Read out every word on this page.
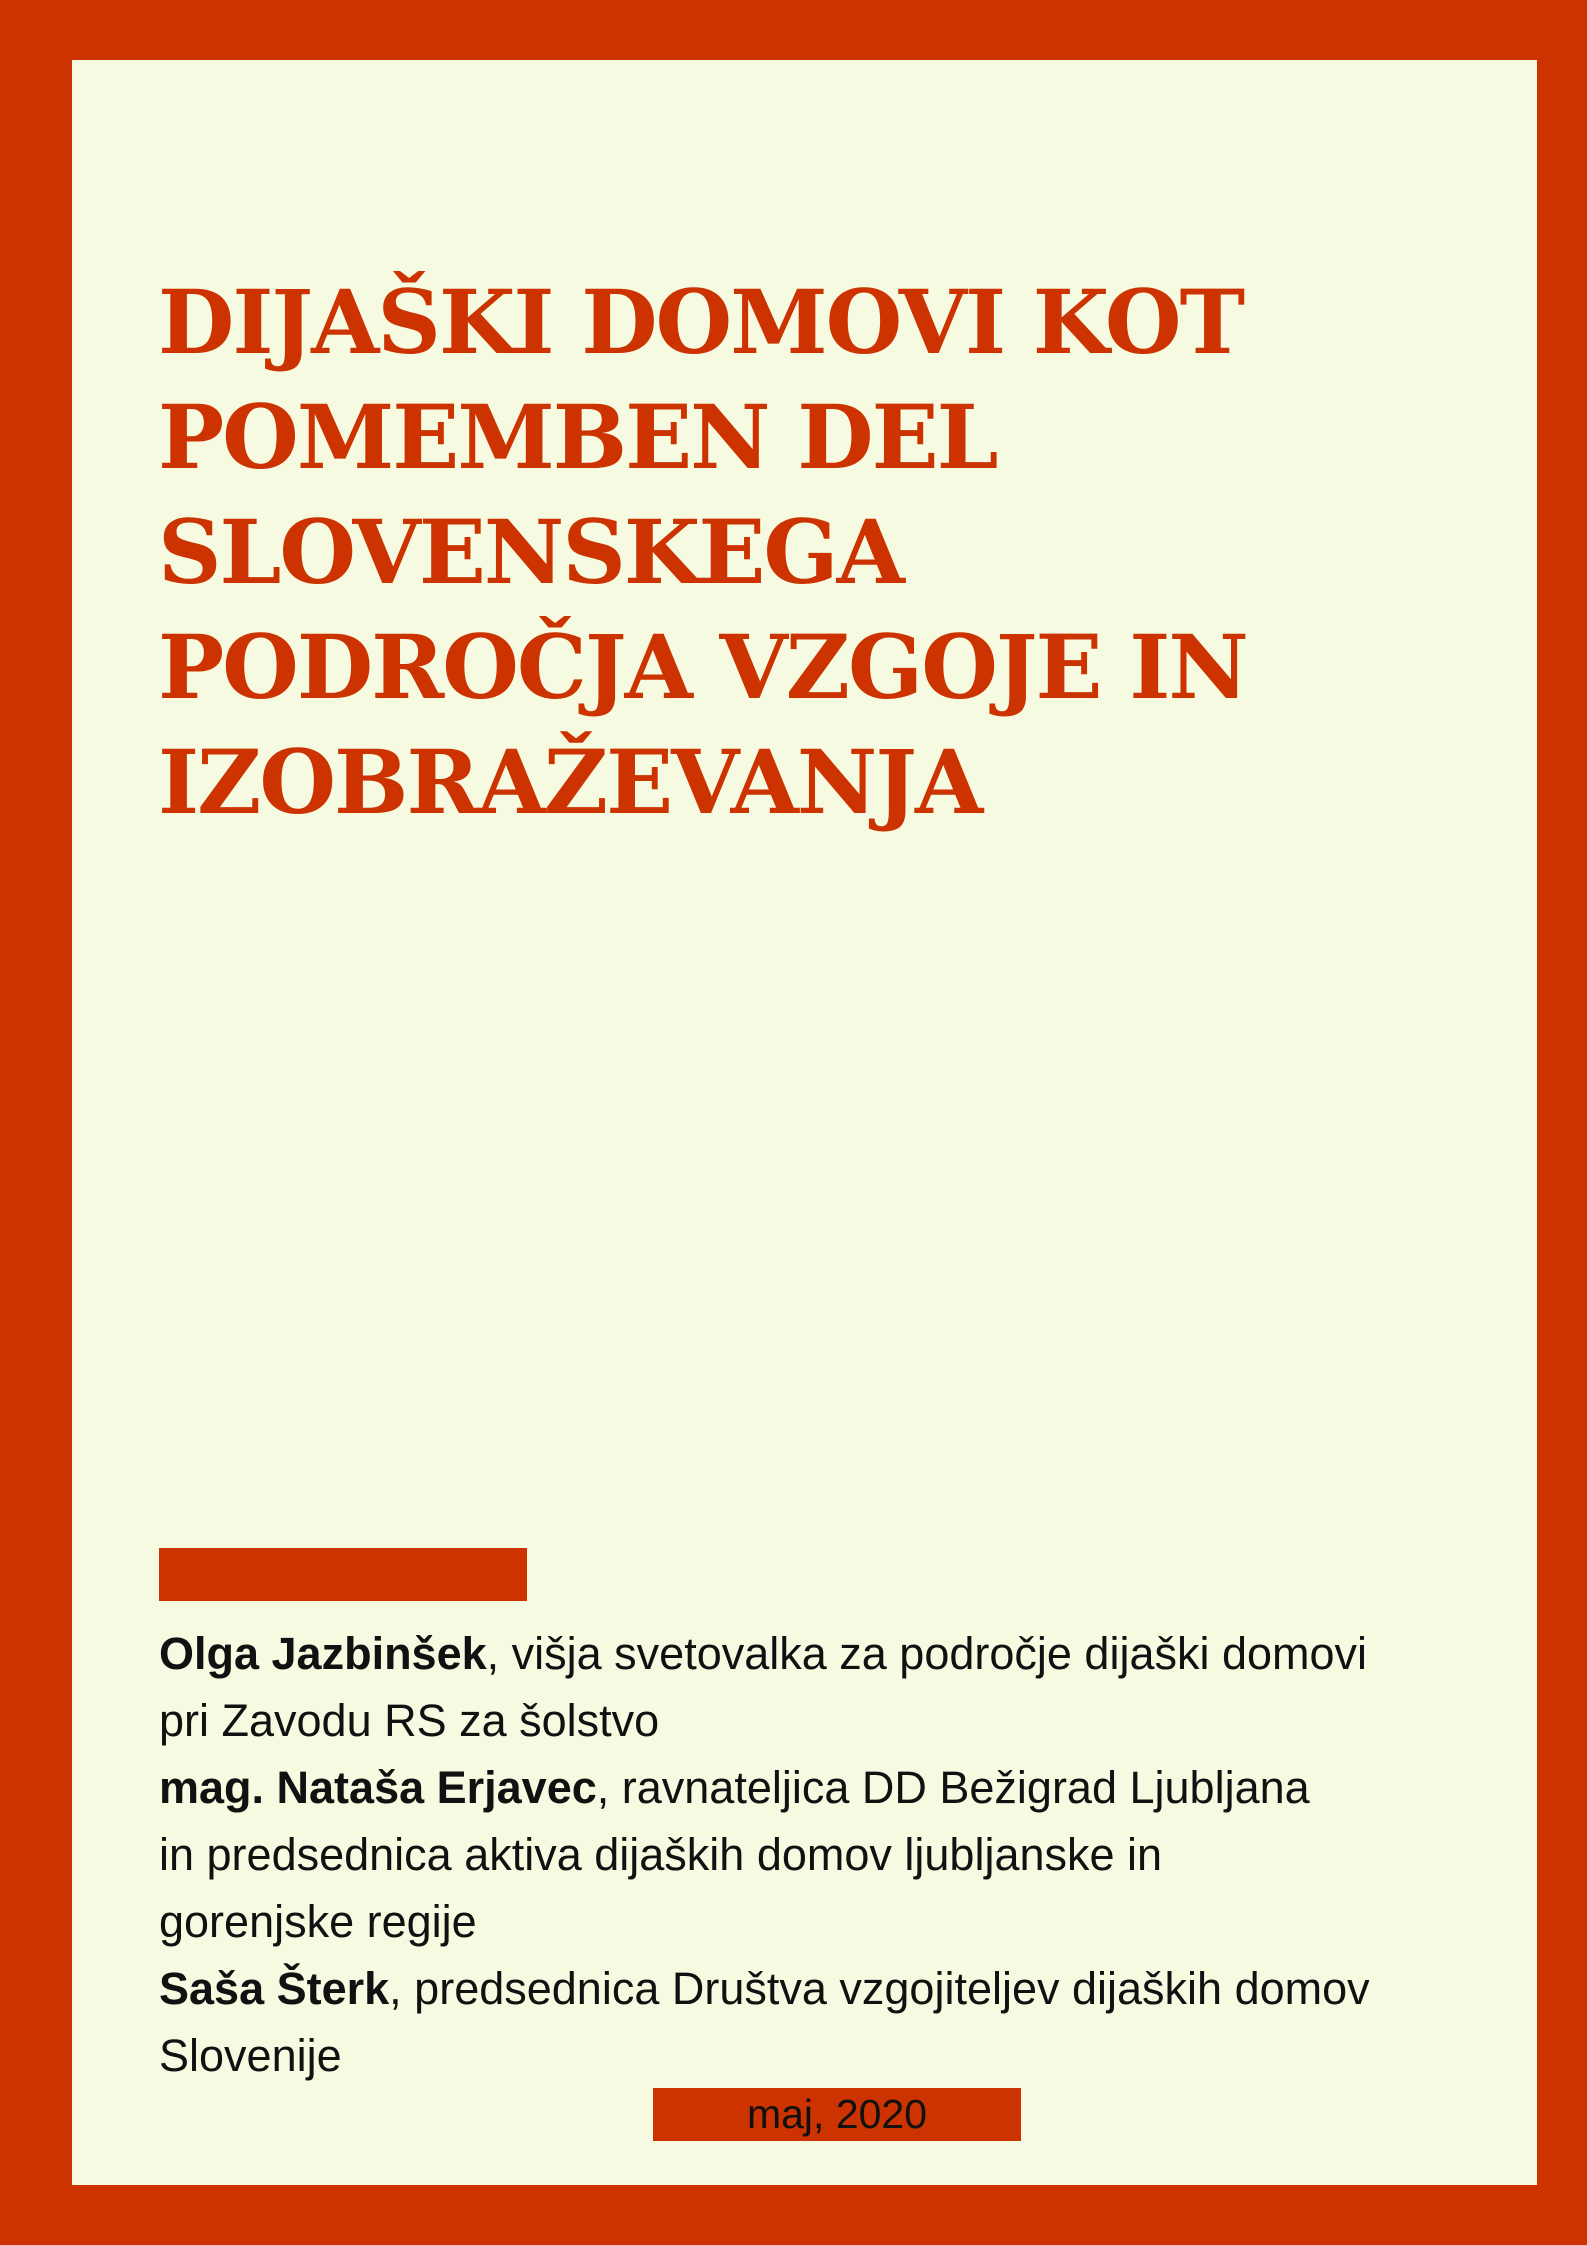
DIJAŠKI DOMOVI KOT
POMEMBEN DEL
SLOVENSKEGA
PODROČJA VZGOJE IN
IZOBRAŽEVANJA
Olga Jazbinšek, višja svetovalka za področje dijaški domovi
pri Zavodu RS za šolstvo
mag. Nataša Erjavec, ravnateljica DD Bežigrad Ljubljana
in predsednica aktiva dijaških domov ljubljanske in
gorenjske regije
Saša Šterk, predsednica Društva vzgojiteljev dijaških domov
Slovenije
maj, 2020
